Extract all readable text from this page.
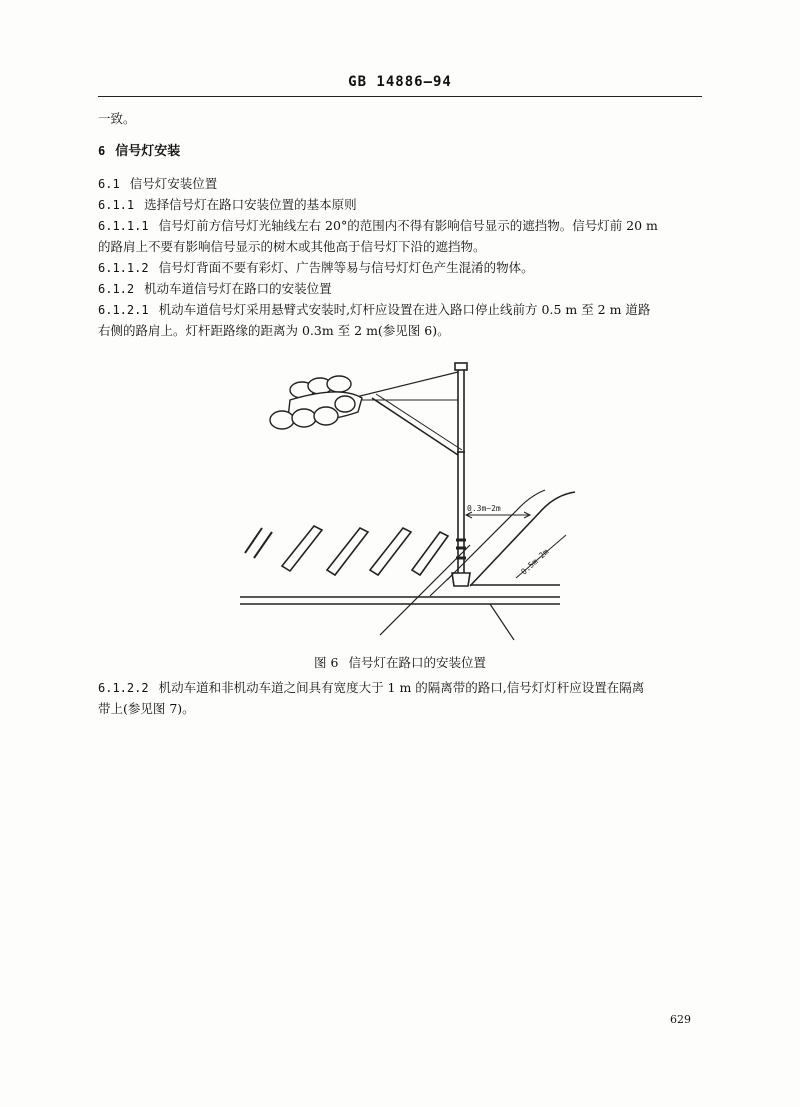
GB 14886—94
一致。
6 信号灯安装
6.1 信号灯安装位置
6.1.1 选择信号灯在路口安装位置的基本原则
6.1.1.1 信号灯前方信号灯光轴线左右 20°的范围内不得有影响信号显示的遮挡物。信号灯前 20 m
的路肩上不要有影响信号显示的树木或其他高于信号灯下沿的遮挡物。
6.1.1.2 信号灯背面不要有彩灯、广告牌等易与信号灯灯色产生混淆的物体。
6.1.2 机动车道信号灯在路口的安装位置
6.1.2.1 机动车道信号灯采用悬臂式安装时,灯杆应设置在进入路口停止线前方 0.5 m 至 2 m 道路
右侧的路肩上。灯杆距路缘的距离为 0.3m 至 2 m(参见图 6)。
0.3m~2m
0.5m~2m
图 6 信号灯在路口的安装位置
6.1.2.2 机动车道和非机动车道之间具有宽度大于 1 m 的隔离带的路口,信号灯灯杆应设置在隔离
带上(参见图 7)。
629
